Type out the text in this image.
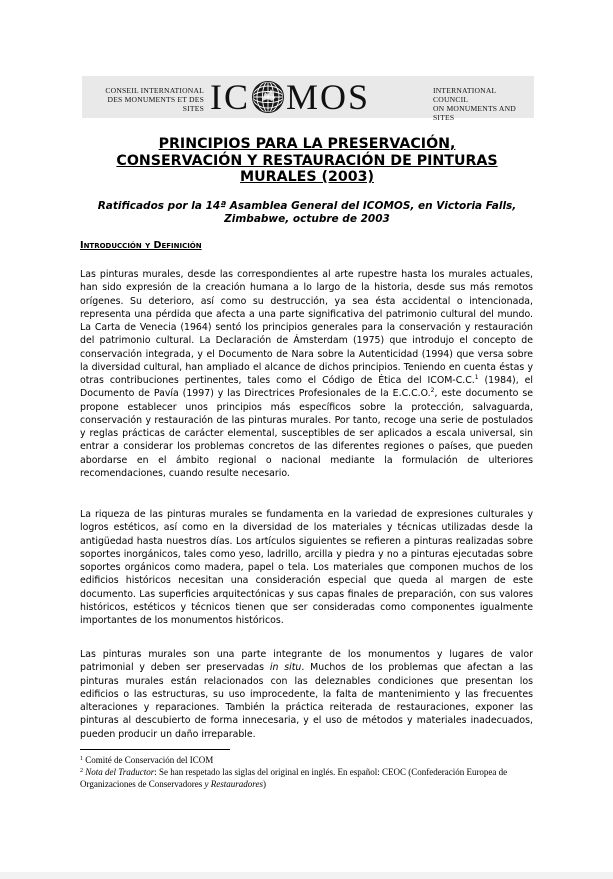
CONSEIL INTERNATIONAL
DES MONUMENTS ET DES SITES IC MOS	INTERNATIONAL COUNCIL
ON MONUMENTS AND SITES
PRINCIPIOS PARA LA PRESERVACIÓN,
CONSERVACIÓN Y RESTAURACIÓN DE PINTURAS
MURALES (2003)
Ratificados por la 14ª Asamblea General del ICOMOS, en Victoria Falls,
Zimbabwe, octubre de 2003
Introducción y Definición
Las pinturas murales, desde las correspondientes al arte rupestre hasta los murales actuales, han sido expresión de la creación humana a lo largo de la historia, desde sus más remotos orígenes. Su deterioro, así como su destrucción, ya sea ésta accidental o intencionada, representa una pérdida que afecta a una parte significativa del patrimonio cultural del mundo. La Carta de Venecia (1964) sentó los principios generales para la conservación y restauración del patrimonio cultural. La Declaración de Ámsterdam (1975) que introdujo el concepto de conservación integrada, y el Documento de Nara sobre la Autenticidad (1994) que versa sobre la diversidad cultural, han ampliado el alcance de dichos principios. Teniendo en cuenta éstas y otras contribuciones pertinentes, tales como el Código de Ética del ICOM-C.C.$^1$ (1984), el Documento de Pavía (1997) y las Directrices Profesionales de la E.C.C.O.$^2$, este documento se propone establecer unos principios más específicos sobre la protección, salvaguarda, conservación y restauración de las pinturas murales. Por tanto, recoge una serie de postulados y reglas prácticas de carácter elemental, susceptibles de ser aplicados a escala universal, sin entrar a considerar los problemas concretos de las diferentes regiones o países, que pueden abordarse en el ámbito regional o nacional mediante la formulación de ulteriores recomendaciones, cuando resulte necesario.
La riqueza de las pinturas murales se fundamenta en la variedad de expresiones culturales y logros estéticos, así como en la diversidad de los materiales y técnicas utilizadas desde la antigüedad hasta nuestros días. Los artículos siguientes se refieren a pinturas realizadas sobre soportes inorgánicos, tales como yeso, ladrillo, arcilla y piedra y no a pinturas ejecutadas sobre soportes orgánicos como madera, papel o tela. Los materiales que componen muchos de los edificios históricos necesitan una consideración especial que queda al margen de este documento. Las superficies arquitectónicas y sus capas finales de preparación, con sus valores históricos, estéticos y técnicos tienen que ser consideradas como componentes igualmente importantes de los monumentos históricos.
Las pinturas murales son una parte integrante de los monumentos y lugares de valor patrimonial y deben ser preservadas in situ. Muchos de los problemas que afectan a las pinturas murales están relacionados con las deleznables condiciones que presentan los edificios o las estructuras, su uso improcedente, la falta de mantenimiento y las frecuentes alteraciones y reparaciones. También la práctica reiterada de restauraciones, exponer las pinturas al descubierto de forma innecesaria, y el uso de métodos y materiales inadecuados, pueden producir un daño irreparable.

$^1$ Comité de Conservación del ICOM

$^2$ Nota del Traductor: Se han respetado las siglas del original en inglés. En español: CEOC (Confederación Europea de Organizaciones de Conservadores y Restauradores)
